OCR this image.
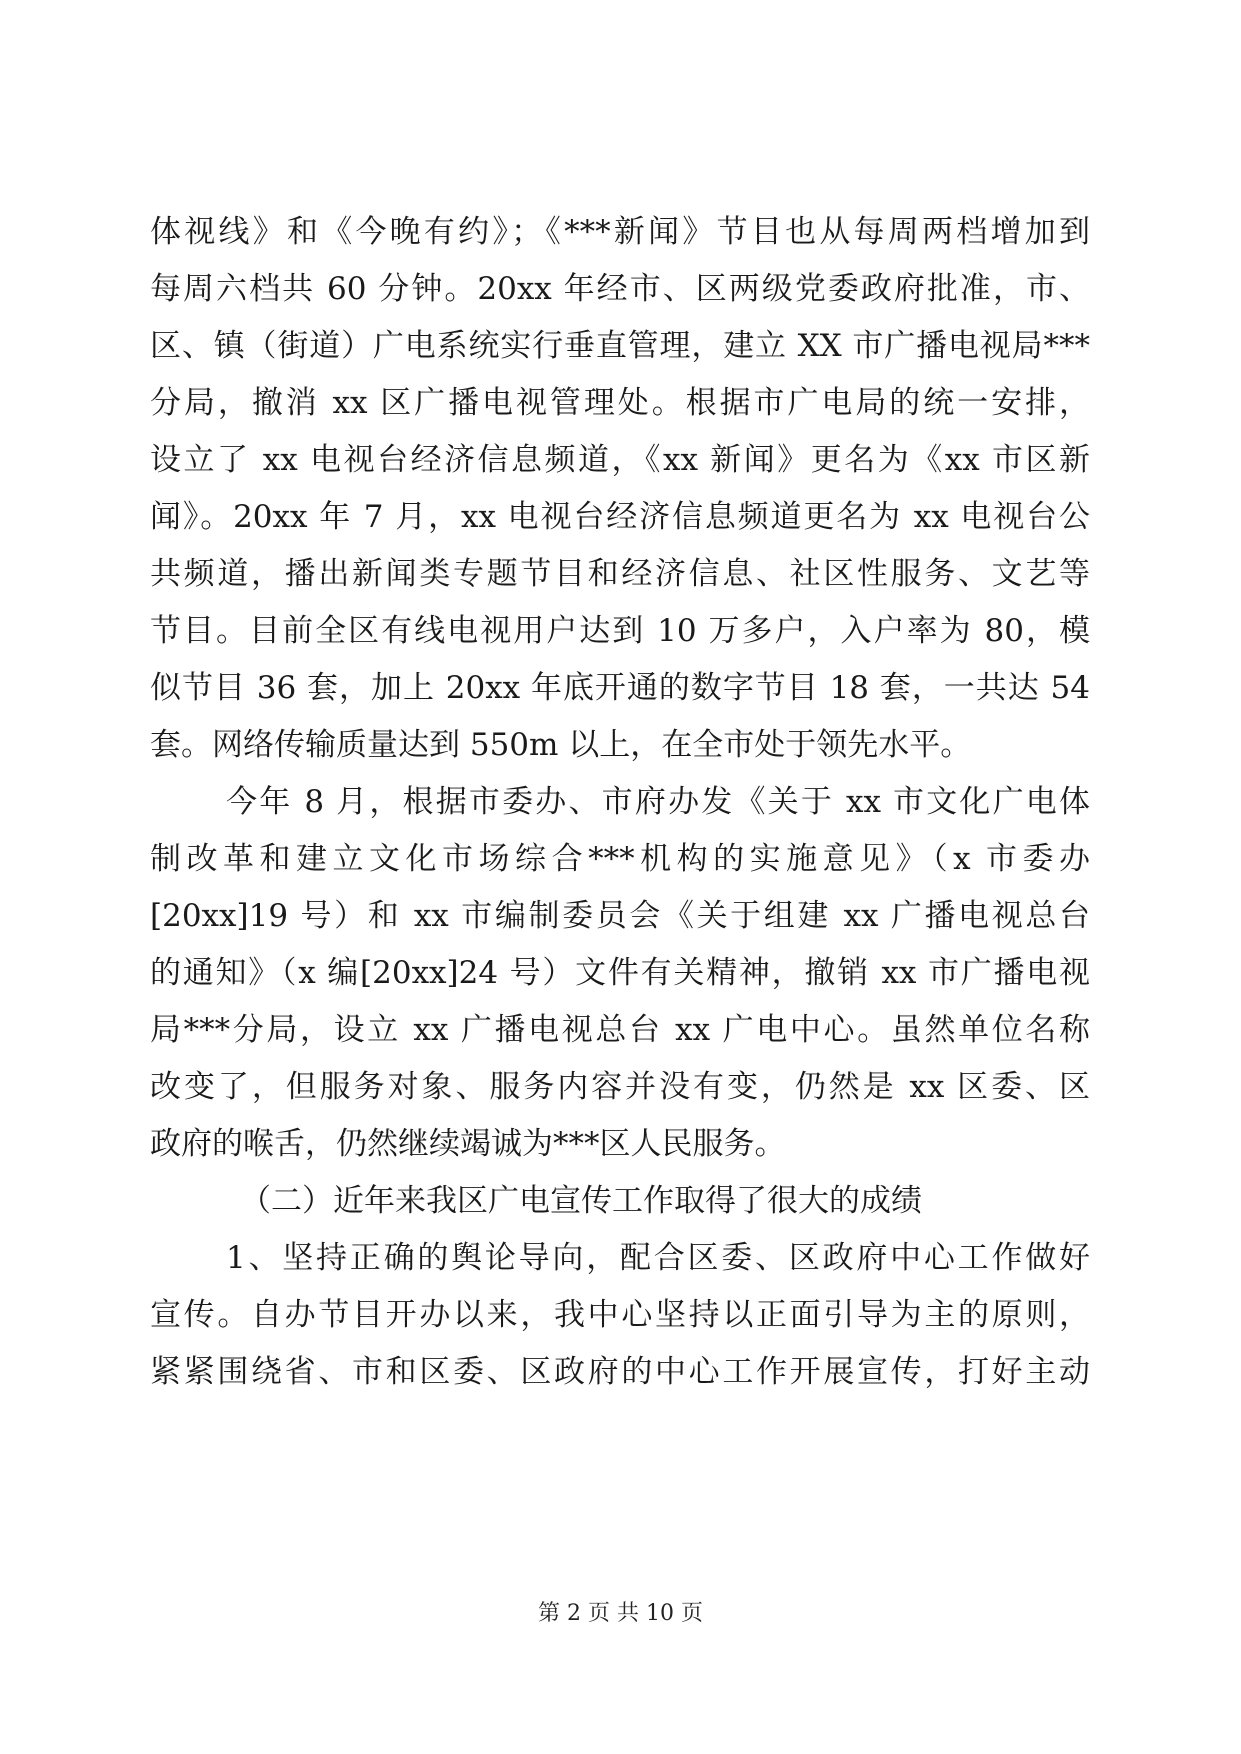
体视线》和《今晚有约》；《***新闻》节目也从每周两档增加到
每周六档共 60 分钟。20xx 年经市、区两级党委政府批准，市、
区、镇（街道）广电系统实行垂直管理，建立 XX 市广播电视局***
分局，撤消 xx 区广播电视管理处。根据市广电局的统一安排，
设立了 xx 电视台经济信息频道，《xx 新闻》更名为《xx 市区新
闻》。20xx 年 7 月，xx 电视台经济信息频道更名为 xx 电视台公
共频道，播出新闻类专题节目和经济信息、社区性服务、文艺等
节目。目前全区有线电视用户达到 10 万多户，入户率为 80，模
似节目 36 套，加上 20xx 年底开通的数字节目 18 套，一共达 54
套。网络传输质量达到 550m 以上，在全市处于领先水平。
今年 8 月，根据市委办、市府办发《关于 xx 市文化广电体
制改革和建立文化市场综合***机构的实施意见》（x 市委办
[20xx]19 号）和 xx 市编制委员会《关于组建 xx 广播电视总台
的通知》（x 编[20xx]24 号）文件有关精神，撤销 xx 市广播电视
局***分局，设立 xx 广播电视总台 xx 广电中心。虽然单位名称
改变了，但服务对象、服务内容并没有变，仍然是 xx 区委、区
政府的喉舌，仍然继续竭诚为***区人民服务。
（二）近年来我区广电宣传工作取得了很大的成绩
1、坚持正确的舆论导向，配合区委、区政府中心工作做好
宣传。自办节目开办以来，我中心坚持以正面引导为主的原则，
紧紧围绕省、市和区委、区政府的中心工作开展宣传，打好主动
第 2 页 共 10 页
